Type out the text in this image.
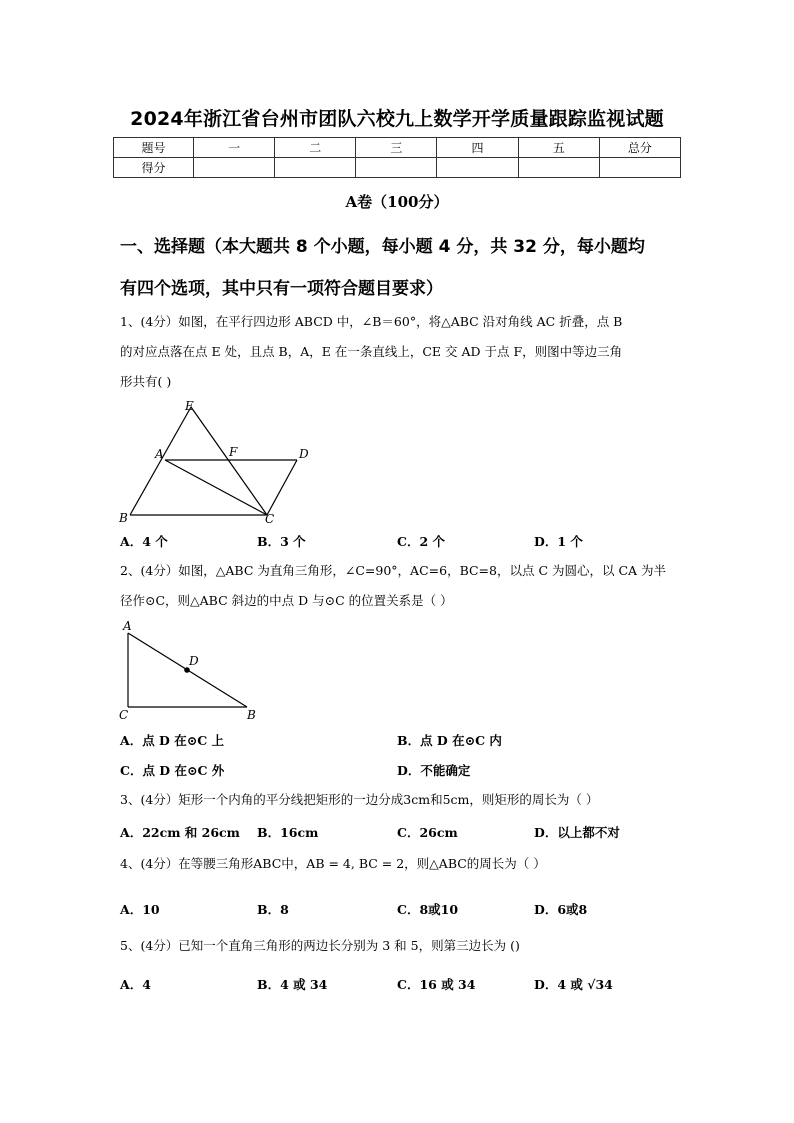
2024年浙江省台州市团队六校九上数学开学质量跟踪监视试题
题号	一	二	三	四	五	总分
得分						
A卷（100分）
一、选择题（本大题共 8 个小题，每小题 4 分，共 32 分，每小题均
有四个选项，其中只有一项符合题目要求）
1、(4分）如图，在平行四边形 ABCD 中，∠B＝60°，将△ABC 沿对角线 AC 折叠，点 B
的对应点落在点 E 处，且点 B，A，E 在一条直线上，CE 交 AD 于点 F，则图中等边三角
形共有( )
E
A	F	D
B	C
A．4 个	B．3 个	C．2 个	D．1 个
2、(4分）如图，△ABC 为直角三角形，∠C=90°，AC=6，BC=8，以点 C 为圆心，以 CA 为半
径作⊙C，则△ABC 斜边的中点 D 与⊙C 的位置关系是（ ）
A
D
C	B
A．点 D 在⊙C 上	B．点 D 在⊙C 内
C．点 D 在⊙C 外	D．不能确定
3、(4分）矩形一个内角的平分线把矩形的一边分成3cm和5cm，则矩形的周长为（ ）
A．22cm 和 26cm B．16cm	C．26cm	D．以上都不对
4、(4分）在等腰三角形ABC中，AB = 4, BC = 2，则△ABC的周长为（ ）
A．10	B．8	C．8或10	D．6或8
5、(4分）已知一个直角三角形的两边长分别为 3 和 5，则第三边长为 ()
A．4	B．4 或 34	C．16 或 34	D．4 或 √34
